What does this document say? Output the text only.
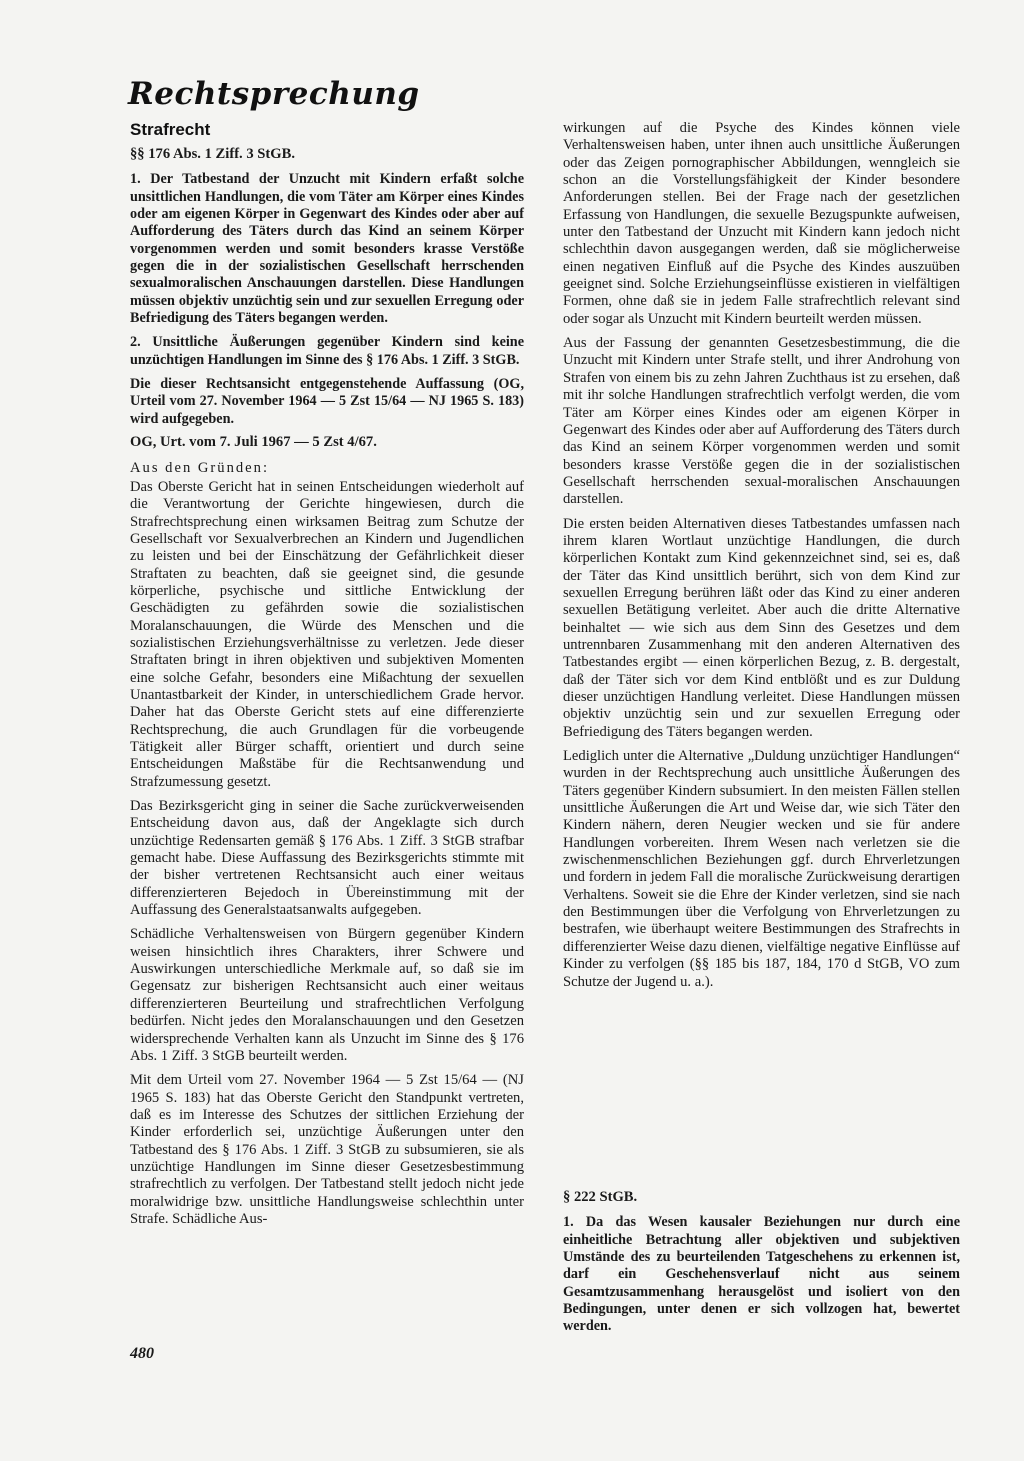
Rechtsprechung
Strafrecht

§§ 176 Abs. 1 Ziff. 3 StGB.

1. Der Tatbestand der Unzucht mit Kindern erfaßt solche unsittlichen Handlungen, die vom Täter am Körper eines Kindes oder am eigenen Körper in Gegenwart des Kindes oder aber auf Aufforderung des Täters durch das Kind an seinem Körper vorgenommen werden und somit besonders krasse Verstöße gegen die in der sozialistischen Gesellschaft herrschenden sexualmoralischen Anschauungen darstellen. Diese Handlungen müssen objektiv unzüchtig sein und zur sexuellen Erregung oder Befriedigung des Täters begangen werden.

2. Unsittliche Äußerungen gegenüber Kindern sind keine unzüchtigen Handlungen im Sinne des § 176 Abs. 1 Ziff. 3 StGB.

Die dieser Rechtsansicht entgegenstehende Auffassung (OG, Urteil vom 27. November 1964 — 5 Zst 15/64 — NJ 1965 S. 183) wird aufgegeben.

OG, Urt. vom 7. Juli 1967 — 5 Zst 4/67.

Aus den Gründen:

Das Oberste Gericht hat in seinen Entscheidungen wiederholt auf die Verantwortung der Gerichte hingewiesen, durch die Strafrechtsprechung einen wirksamen Beitrag zum Schutze der Gesellschaft vor Sexualverbrechen an Kindern und Jugendlichen zu leisten und bei der Einschätzung der Gefährlichkeit dieser Straftaten zu beachten, daß sie geeignet sind, die gesunde körperliche, psychische und sittliche Entwicklung der Geschädigten zu gefährden sowie die sozialistischen Moralanschauungen, die Würde des Menschen und die sozialistischen Erziehungsverhältnisse zu verletzen. Jede dieser Straftaten bringt in ihren objektiven und subjektiven Momenten eine solche Gefahr, besonders eine Mißachtung der sexuellen Unantastbarkeit der Kinder, in unterschiedlichem Grade hervor. Daher hat das Oberste Gericht stets auf eine differenzierte Rechtsprechung, die auch Grundlagen für die vorbeugende Tätigkeit aller Bürger schafft, orientiert und durch seine Entscheidungen Maßstäbe für die Rechtsanwendung und Strafzumessung gesetzt.

Das Bezirksgericht ging in seiner die Sache zurückverweisenden Entscheidung davon aus, daß der Angeklagte sich durch unzüchtige Redensarten gemäß § 176 Abs. 1 Ziff. 3 StGB strafbar gemacht habe. Diese Auffassung des Bezirksgerichts stimmte mit der bisher vertretenen Rechtsansicht auch einer weitaus differenzierteren Bejedoch in Übereinstimmung mit der Auffassung des Generalstaatsanwalts aufgegeben.

Schädliche Verhaltensweisen von Bürgern gegenüber Kindern weisen hinsichtlich ihres Charakters, ihrer Schwere und Auswirkungen unterschiedliche Merkmale auf, so daß sie im Gegensatz zur bisherigen Rechtsansicht auch einer weitaus differenzierteren Beurteilung und strafrechtlichen Verfolgung bedürfen. Nicht jedes den Moralanschauungen und den Gesetzen widersprechende Verhalten kann als Unzucht im Sinne des § 176 Abs. 1 Ziff. 3 StGB beurteilt werden.

Mit dem Urteil vom 27. November 1964 — 5 Zst 15/64 — (NJ 1965 S. 183) hat das Oberste Gericht den Standpunkt vertreten, daß es im Interesse des Schutzes der sittlichen Erziehung der Kinder erforderlich sei, unzüchtige Äußerungen unter den Tatbestand des § 176 Abs. 1 Ziff. 3 StGB zu subsumieren, sie als unzüchtige Handlungen im Sinne dieser Gesetzesbestimmung strafrechtlich zu verfolgen. Der Tatbestand stellt jedoch nicht jede moralwidrige bzw. unsittliche Handlungsweise schlechthin unter Strafe. Schädliche Aus-

wirkungen auf die Psyche des Kindes können viele Verhaltensweisen haben, unter ihnen auch unsittliche Äußerungen oder das Zeigen pornographischer Abbildungen, wenngleich sie schon an die Vorstellungsfähigkeit der Kinder besondere Anforderungen stellen. Bei der Frage nach der gesetzlichen Erfassung von Handlungen, die sexuelle Bezugspunkte aufweisen, unter den Tatbestand der Unzucht mit Kindern kann jedoch nicht schlechthin davon ausgegangen werden, daß sie möglicherweise einen negativen Einfluß auf die Psyche des Kindes auszuüben geeignet sind. Solche Erziehungseinflüsse existieren in vielfältigen Formen, ohne daß sie in jedem Falle strafrechtlich relevant sind oder sogar als Unzucht mit Kindern beurteilt werden müssen.

Aus der Fassung der genannten Gesetzesbestimmung, die die Unzucht mit Kindern unter Strafe stellt, und ihrer Androhung von Strafen von einem bis zu zehn Jahren Zuchthaus ist zu ersehen, daß mit ihr solche Handlungen strafrechtlich verfolgt werden, die vom Täter am Körper eines Kindes oder am eigenen Körper in Gegenwart des Kindes oder aber auf Aufforderung des Täters durch das Kind an seinem Körper vorgenommen werden und somit besonders krasse Verstöße gegen die in der sozialistischen Gesellschaft herrschenden sexual-moralischen Anschauungen darstellen.

Die ersten beiden Alternativen dieses Tatbestandes umfassen nach ihrem klaren Wortlaut unzüchtige Handlungen, die durch körperlichen Kontakt zum Kind gekennzeichnet sind, sei es, daß der Täter das Kind unsittlich berührt, sich von dem Kind zur sexuellen Erregung berühren läßt oder das Kind zu einer anderen sexuellen Betätigung verleitet. Aber auch die dritte Alternative beinhaltet — wie sich aus dem Sinn des Gesetzes und dem untrennbaren Zusammenhang mit den anderen Alternativen des Tatbestandes ergibt — einen körperlichen Bezug, z. B. dergestalt, daß der Täter sich vor dem Kind entblößt und es zur Duldung dieser unzüchtigen Handlung verleitet. Diese Handlungen müssen objektiv unzüchtig sein und zur sexuellen Erregung oder Befriedigung des Täters begangen werden.

Lediglich unter die Alternative „Duldung unzüchtiger Handlungen“ wurden in der Rechtsprechung auch unsittliche Äußerungen des Täters gegenüber Kindern subsumiert. In den meisten Fällen stellen unsittliche Äußerungen die Art und Weise dar, wie sich Täter den Kindern nähern, deren Neugier wecken und sie für andere Handlungen vorbereiten. Ihrem Wesen nach verletzen sie die zwischenmenschlichen Beziehungen ggf. durch Ehrverletzungen und fordern in jedem Fall die moralische Zurückweisung derartigen Verhaltens. Soweit sie die Ehre der Kinder verletzen, sind sie nach den Bestimmungen über die Verfolgung von Ehrverletzungen zu bestrafen, wie überhaupt weitere Bestimmungen des Strafrechts in differenzierter Weise dazu dienen, vielfältige negative Einflüsse auf Kinder zu verfolgen (§§ 185 bis 187, 184, 170 d StGB, VO zum Schutze der Jugend u. a.).

§ 222 StGB.

1. Da das Wesen kausaler Beziehungen nur durch eine einheitliche Betrachtung aller objektiven und subjektiven Umstände des zu beurteilenden Tatgeschehens zu erkennen ist, darf ein Geschehensverlauf nicht aus seinem Gesamtzusammenhang herausgelöst und isoliert von den Bedingungen, unter denen er sich vollzogen hat, bewertet werden.

480
